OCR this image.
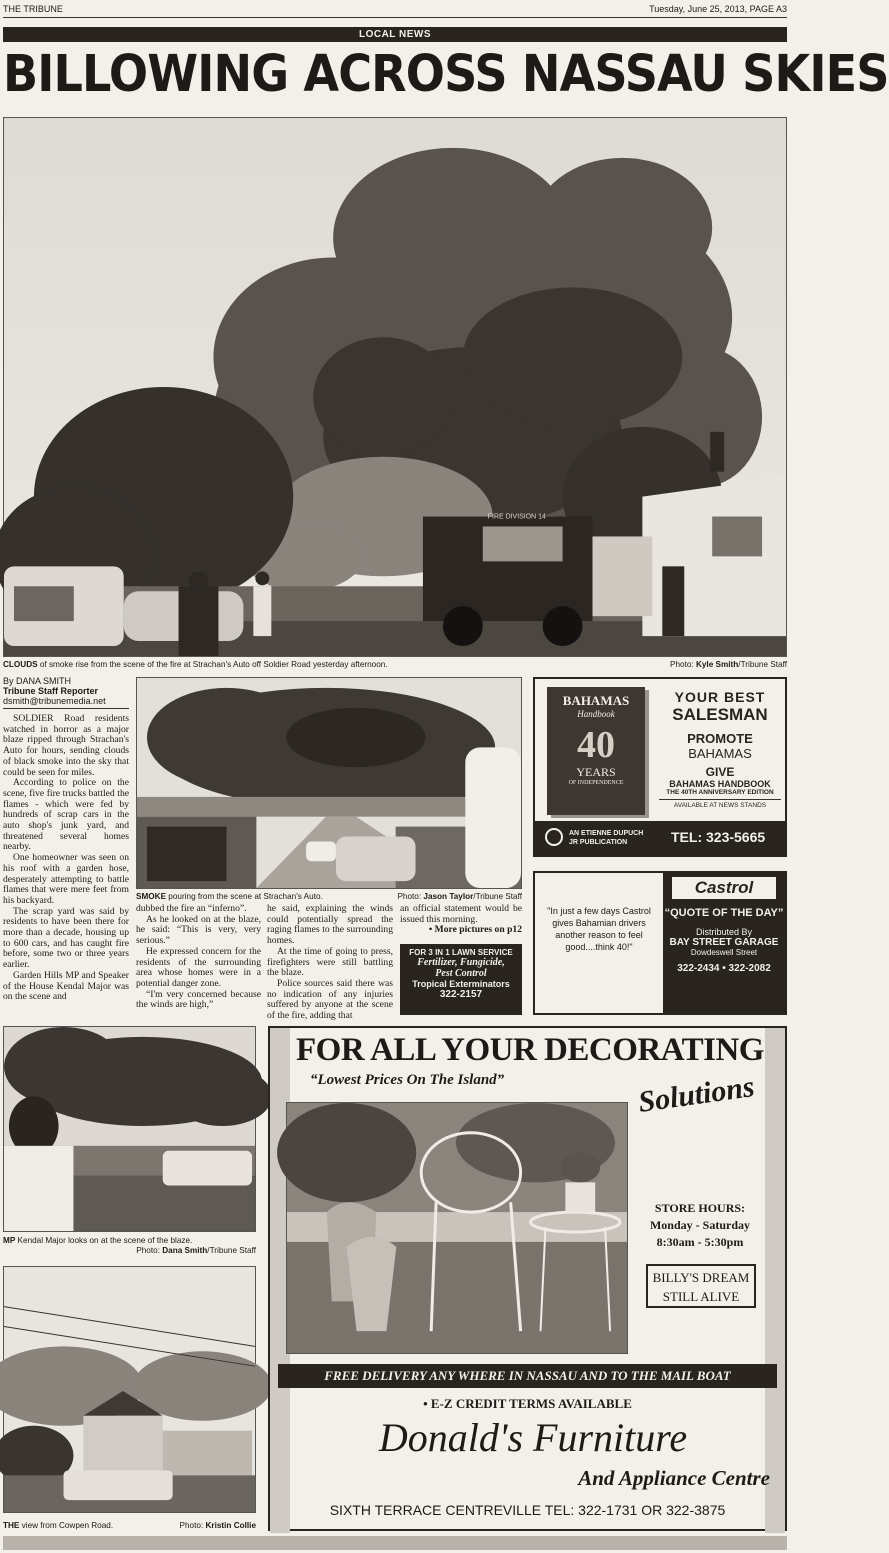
THE TRIBUNE	Tuesday, June 25, 2013, PAGE A3
LOCAL NEWS
BILLOWING ACROSS NASSAU SKIES
FIRE DIVISION 14
CLOUDS of smoke rise from the scene of the fire at Strachan's Auto off Soldier Road yesterday afternoon.	Photo: Kyle Smith/Tribune Staff
By DANA SMITH
Tribune Staff Reporter
dsmith@tribunemedia.net

SOLDIER Road residents watched in horror as a major blaze ripped through Strachan's Auto for hours, sending clouds of black smoke into the sky that could be seen for miles.

According to police on the scene, five fire trucks battled the flames - which were fed by hundreds of scrap cars in the auto shop's junk yard, and threatened several homes nearby.

One homeowner was seen on his roof with a garden hose, desperately attempting to battle flames that were mere feet from his backyard.

The scrap yard was said by residents to have been there for more than a decade, housing up to 600 cars, and has caught fire before, some two or three years earlier.

Garden Hills MP and Speaker of the House Kendal Major was on the scene and

SMOKE pouring from the scene at Strachan's Auto.	Photo: Jason Taylor/Tribune Staff

dubbed the fire an “inferno”.

As he looked on at the blaze, he said: “This is very, very serious.”

He expressed concern for the residents of the surrounding area whose homes were in a potential danger zone.

“I'm very concerned because the winds are high,”

he said, explaining the winds could potentially spread the raging flames to the surrounding homes.

At the time of going to press, firefighters were still battling the blaze.

Police sources said there was no indication of any injuries suffered by anyone at the scene of the fire, adding that

an official statement would be issued this morning.

• More pictures on p12
FOR 3 IN 1 LAWN SERVICE
Fertilizer, Fungicide,
Pest Control
Tropical Exterminators
322-2157
BAHAMAS
Handbook
40
YEARS
OF INDEPENDENCE
YOUR BEST
SALESMAN
PROMOTE
BAHAMAS
GIVE
BAHAMAS HANDBOOK
THE 40TH ANNIVERSARY EDITION
AVAILABLE AT NEWS STANDS
AN ETIENNE DUPUCH
JR PUBLICATION	TEL: 323-5665
"In just a few days Castrol gives Bahamian drivers another reason to feel good....think 40!"
Castrol
“QUOTE OF THE DAY”
Distributed By
BAY STREET GARAGE
Dowdeswell Street
322-2434 • 322-2082
MP Kendal Major looks on at the scene of the blaze.
Photo: Dana Smith/Tribune Staff
THE view from Cowpen Road.	Photo: Kristin Collie
FOR ALL YOUR DECORATING
“Lowest Prices On The Island”	Solutions
STORE HOURS:
Monday - Saturday
8:30am - 5:30pm
BILLY'S DREAM
STILL ALIVE
FREE DELIVERY ANY WHERE IN NASSAU AND TO THE MAIL BOAT
• E-Z CREDIT TERMS AVAILABLE
Donald's Furniture
And Appliance Centre
SIXTH TERRACE CENTREVILLE TEL: 322-1731 OR 322-3875
